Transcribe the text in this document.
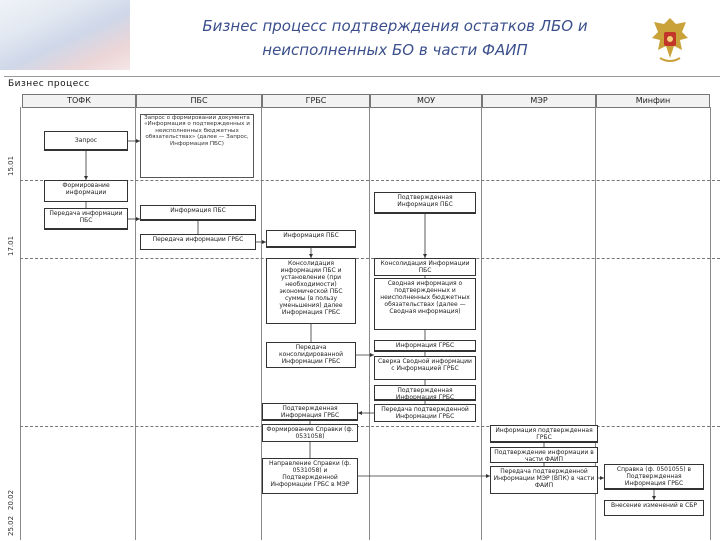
Бизнес процесс подтверждения остатков ЛБО и неисполненных БО в части ФАИП
Бизнес процесс
ТОФК	ПБС	ГРБС	МОУ	МЭР	Минфин
15.01
17.01
20.02
25.02
Запрос
Формирование информации
Передача информации ПБС
Запрос о формировании документа «Информация о подтвержденных и неисполненных бюджетных обязательствах» (далее — Запрос, Информация ПБС)
Информация ПБС
Передача информации ГРБС
Информация ПБС
Консолидация информации ПБС и установление (при необходимости) экономической ПБС суммы (в пользу уменьшения) далее Информация ГРБС
Передача консолидированной Информации ГРБС
Подтвержденная Информация ГРБС
Формирование Справки (ф. 0531058)
Направление Справки (ф. 0531058) и Подтвержденной Информации ГРБС в МЭР
Подтвержденная Информация ПБС
Консолидация Информации ПБС
Сводная информация о подтвержденных и неисполненных бюджетных обязательствах (далее — Сводная информация)
Информация ГРБС
Сверка Сводной информации с Информацией ГРБС
Подтвержденная Информация ГРБС
Передача подтвержденной Информации ГРБС
Информация подтвержденная ГРБС
Подтверждение информации в части ФАИП
Передача подтвержденной Информации МЭР (ВПК) в части ФАИП
Справка (ф. 0501055) в Подтвержденная Информация ГРБС
Внесение изменений в СБР
